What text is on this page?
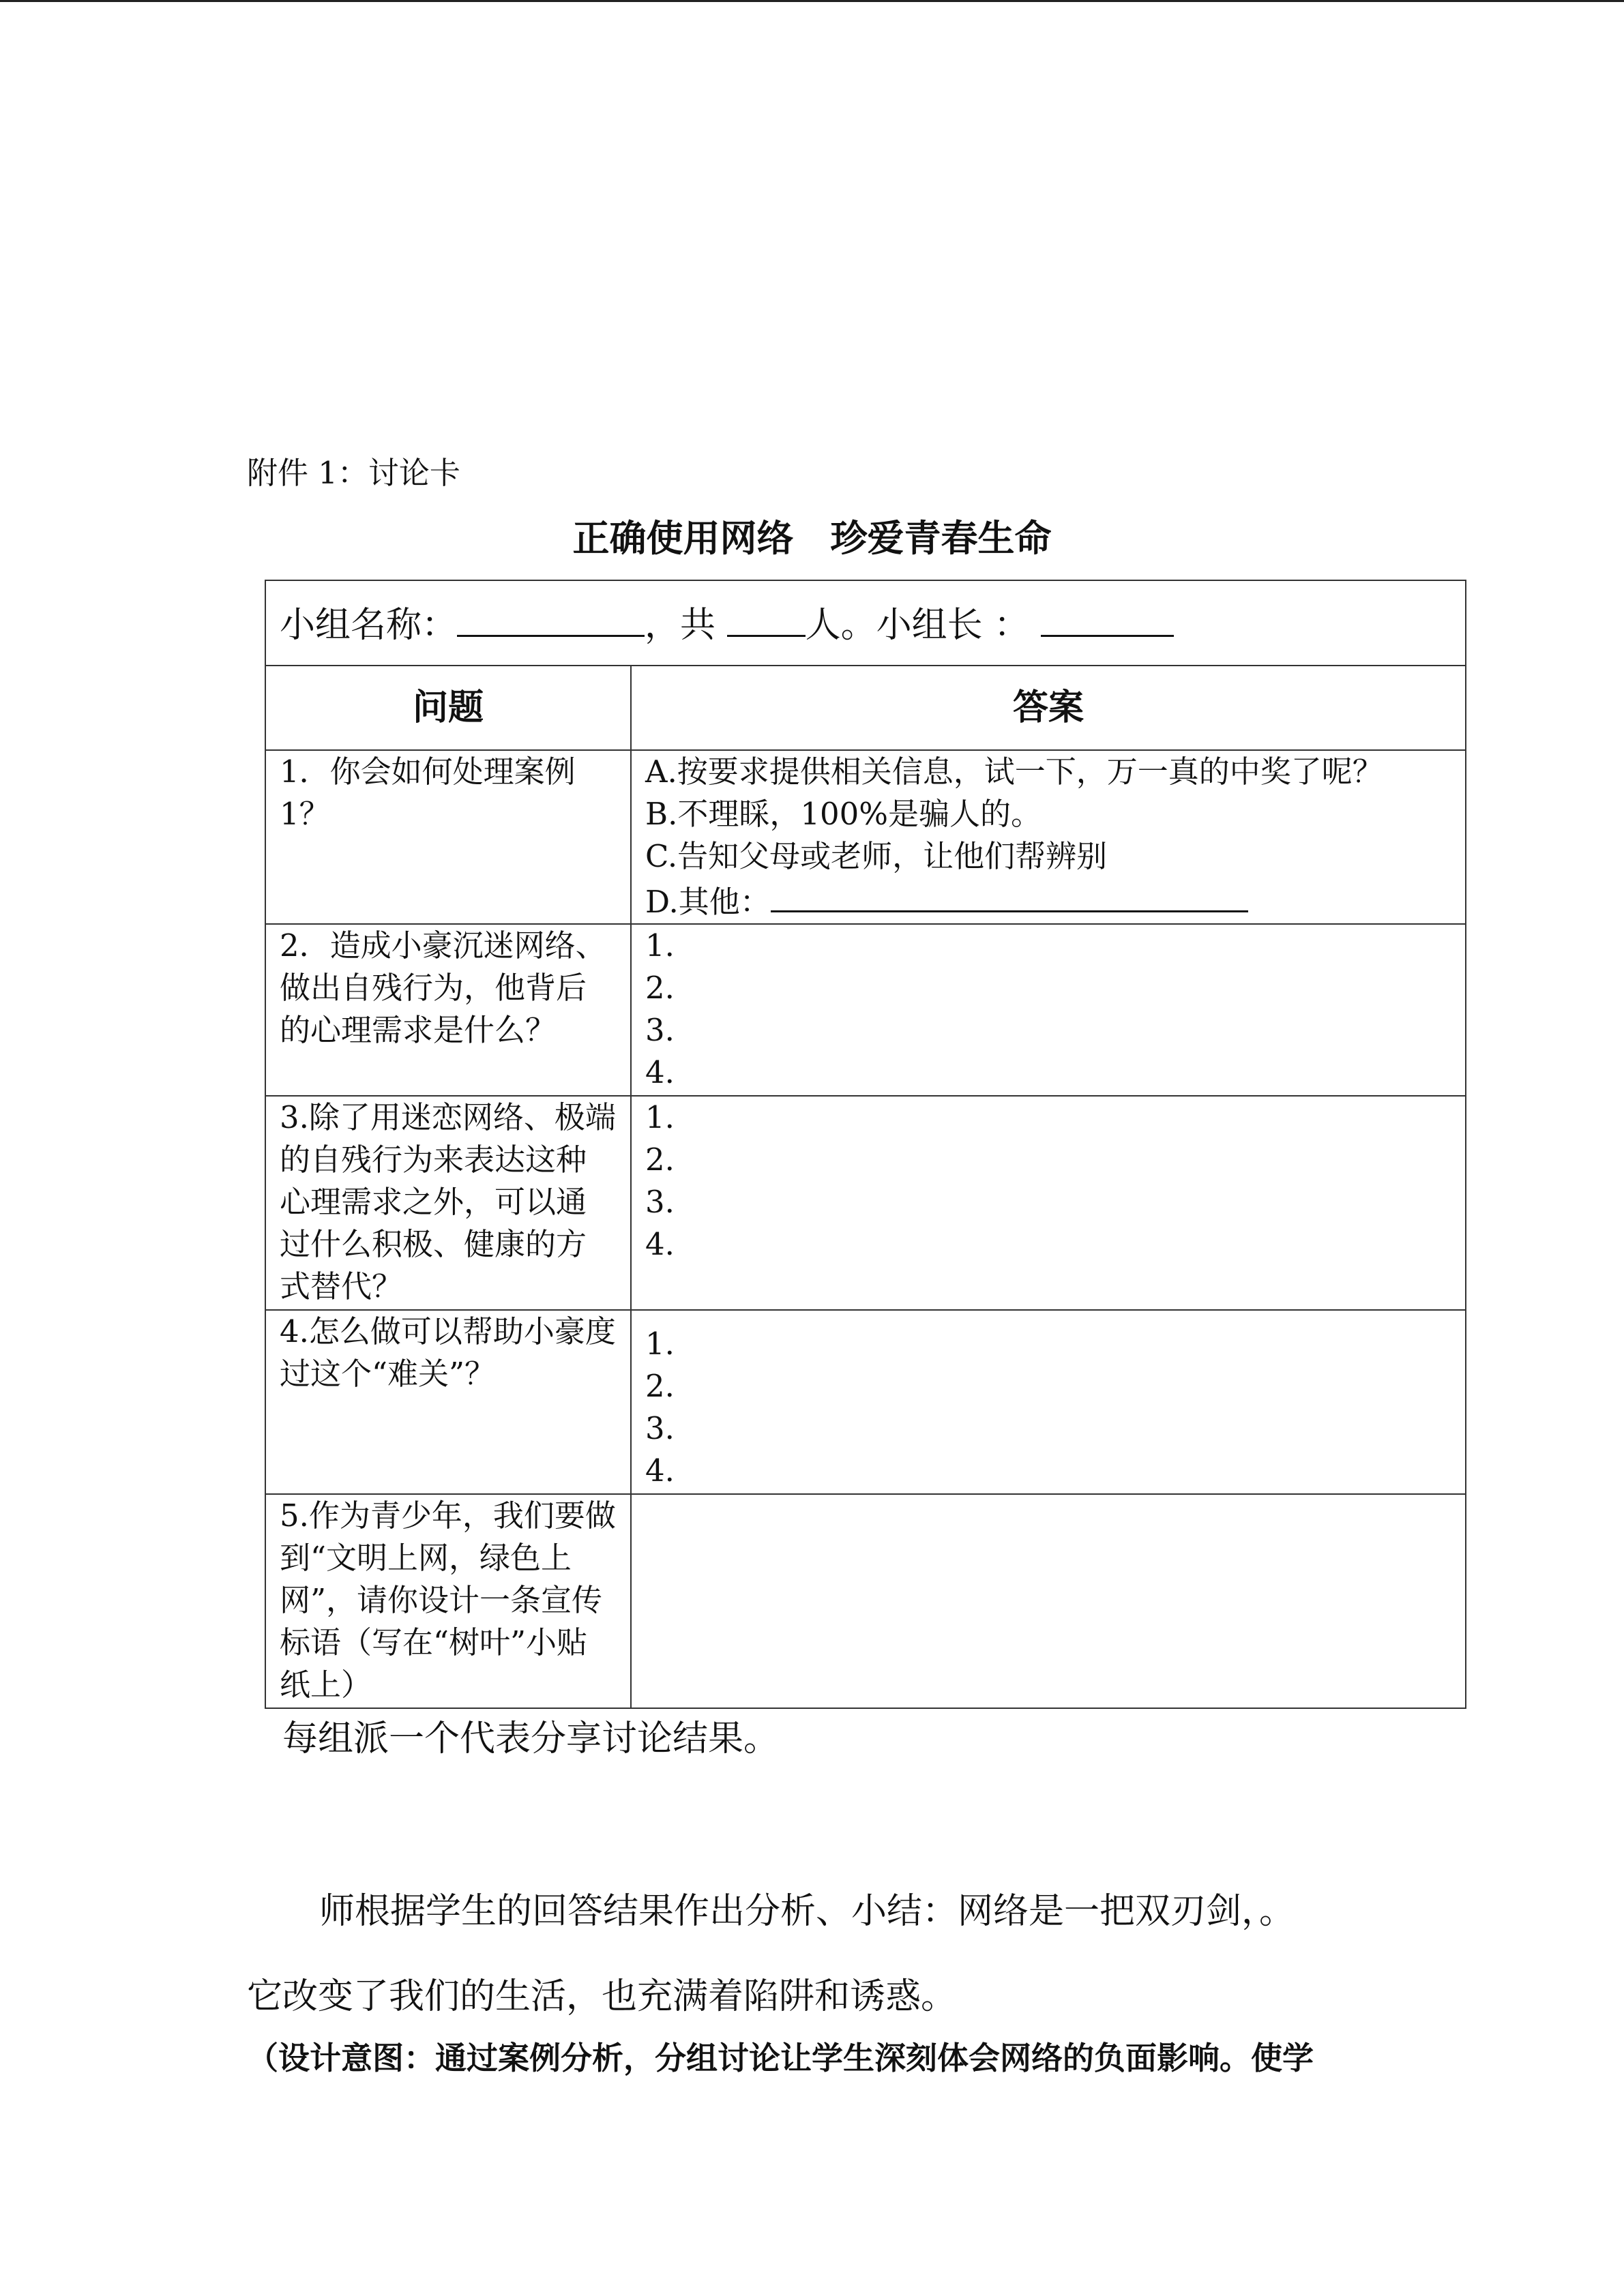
附件 1：讨论卡
正确使用网络　珍爱青春生命
小组名称： ，共 人。小组长 ：	
问题	答案
1．你会如何处理案例1？	A.按要求提供相关信息，试一下，万一真的中奖了呢？
B.不理睬，100%是骗人的。
C.告知父母或老师，让他们帮辨别
D.其他：

2．造成小豪沉迷网络、做出自残行为，他背后的心理需求是什么？	1.
2.
3.
4.

3.除了用迷恋网络、极端的自残行为来表达这种心理需求之外，可以通过什么积极、健康的方式替代？	1.
2.
3.
4.

4.怎么做可以帮助小豪度过这个“难关”？	1.
2.
3.
4.

5.作为青少年，我们要做到“文明上网，绿色上网”，请你设计一条宣传标语（写在“树叶”小贴纸上）	
每组派一个代表分享讨论结果。
师根据学生的回答结果作出分析、小结：网络是一把双刃剑，。
它改变了我们的生活，也充满着陷阱和诱惑。
（设计意图：通过案例分析，分组讨论让学生深刻体会网络的负面影响。使学
